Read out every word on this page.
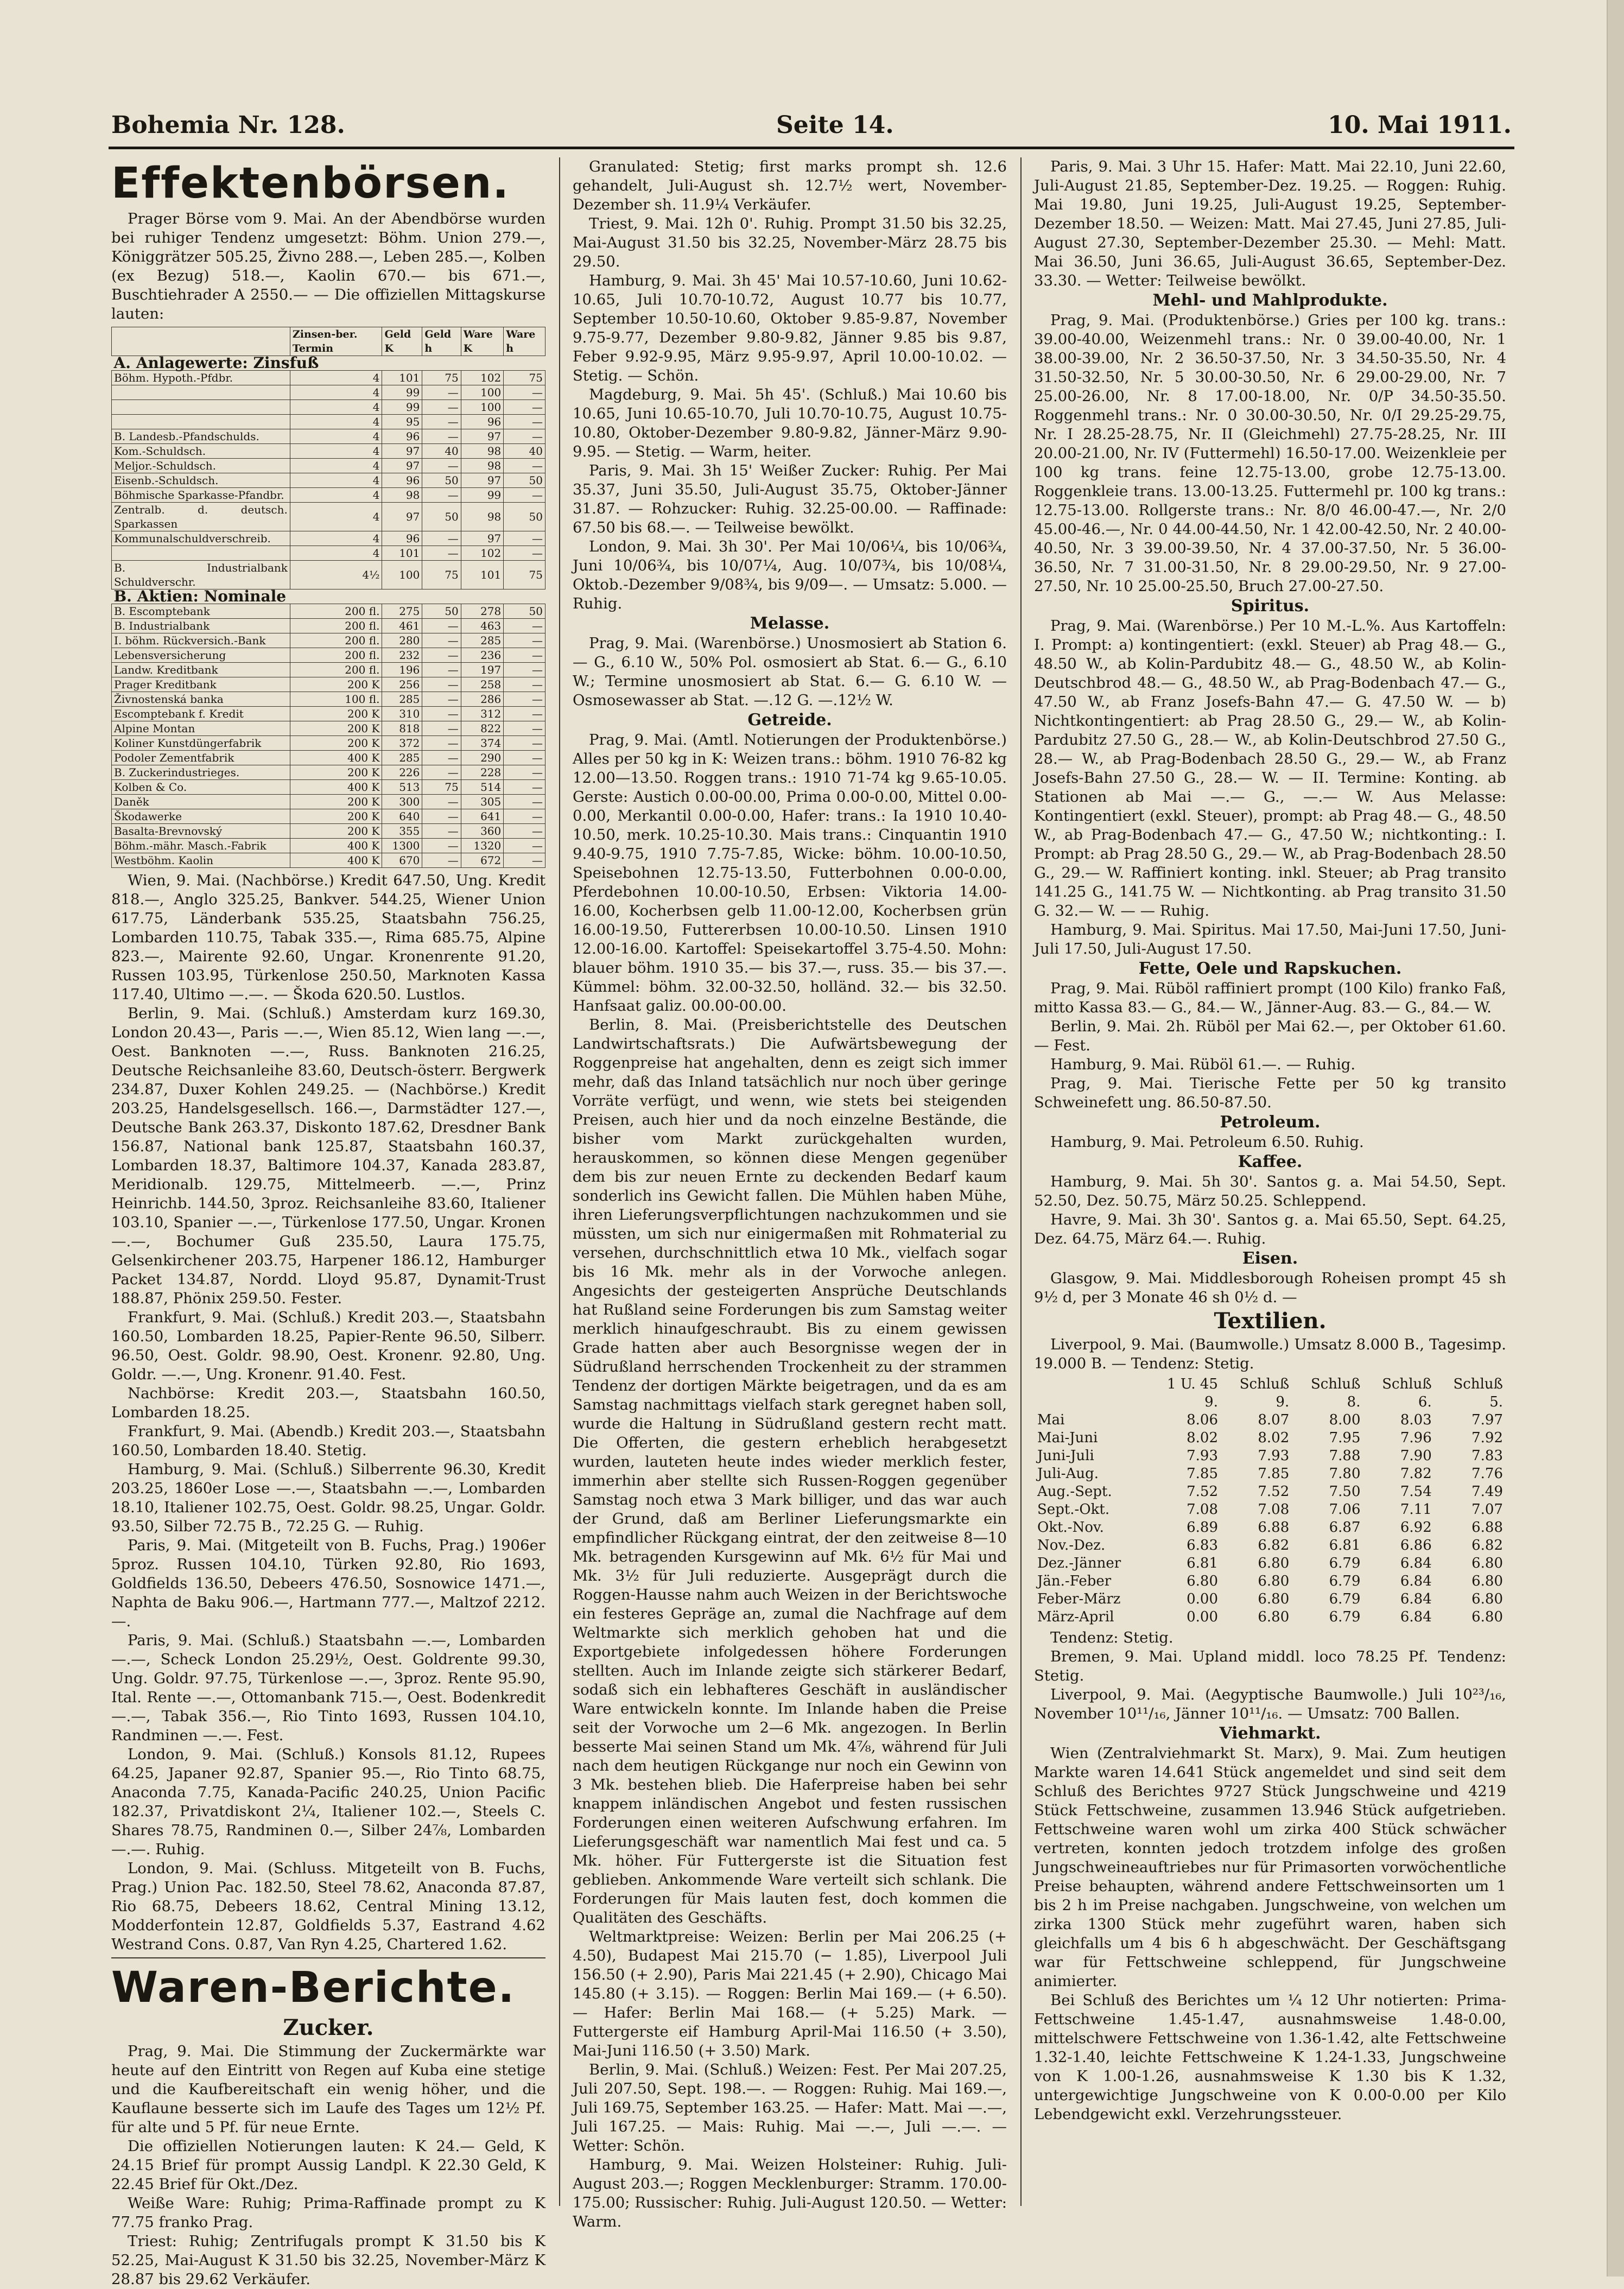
Bohemia Nr. 128.	Seite 14.	10. Mai 1911.
Effektenbörsen.

Prager Börse vom 9. Mai. An der Abendbörse wurden bei ruhiger Tendenz umgesetzt: Böhm. Union 279.—, Königgrätzer 505.25, Živno 288.—, Leben 285.—, Kolben (ex Bezug) 518.—, Kaolin 670.— bis 671.—, Buschtiehrader A 2550.— — Die offiziellen Mittagskurse lauten:

	Zinsen-ber. Termin	Geld K	Geld h	Ware K	Ware h
A. Anlagewerte: Zinsfuß					
Böhm. Hypoth.-Pfdbr.	4	101	75	102	75
	4	99	—	100	—
	4	99	—	100	—
	4	95	—	96	—
B. Landesb.-Pfandschulds.	4	96	—	97	—
Kom.-Schuldsch.	4	97	40	98	40
Meljor.-Schuldsch.	4	97	—	98	—
Eisenb.-Schuldsch.	4	96	50	97	50
Böhmische Sparkasse-Pfandbr.	4	98	—	99	—
Zentralb. d. deutsch. Sparkassen	4	97	50	98	50
Kommunalschuldverschreib.	4	96	—	97	—
	4	101	—	102	—
B. Industrialbank Schuldverschr.	4½	100	75	101	75
B. Aktien: Nominale					
B. Escomptebank	200 fl.	275	50	278	50
B. Industrialbank	200 fl.	461	—	463	—
I. böhm. Rückversich.-Bank	200 fl.	280	—	285	—
Lebensversicherung	200 fl.	232	—	236	—
Landw. Kreditbank	200 fl.	196	—	197	—
Prager Kreditbank	200 K	256	—	258	—
Živnostenská banka	100 fl.	285	—	286	—
Escomptebank f. Kredit	200 K	310	—	312	—
Alpine Montan	200 K	818	—	822	—
Koliner Kunstdüngerfabrik	200 K	372	—	374	—
Podoler Zementfabrik	400 K	285	—	290	—
B. Zuckerindustrieges.	200 K	226	—	228	—
Kolben & Co.	400 K	513	75	514	—
Daněk	200 K	300	—	305	—
Škodawerke	200 K	640	—	641	—
Basalta-Brevnovský	200 K	355	—	360	—
Böhm.-mähr. Masch.-Fabrik	400 K	1300	—	1320	—
Westböhm. Kaolin	400 K	670	—	672	—

Wien, 9. Mai. (Nachbörse.) Kredit 647.50, Ung. Kredit 818.—, Anglo 325.25, Bankver. 544.25, Wiener Union 617.75, Länderbank 535.25, Staatsbahn 756.25, Lombarden 110.75, Tabak 335.—, Rima 685.75, Alpine 823.—, Mairente 92.60, Ungar. Kronenrente 91.20, Russen 103.95, Türkenlose 250.50, Marknoten Kassa 117.40, Ultimo —.—. — Škoda 620.50. Lustlos.

Berlin, 9. Mai. (Schluß.) Amsterdam kurz 169.30, London 20.43—, Paris —.—, Wien 85.12, Wien lang —.—, Oest. Banknoten —.—, Russ. Banknoten 216.25, Deutsche Reichsanleihe 83.60, Deutsch-österr. Bergwerk 234.87, Duxer Kohlen 249.25. — (Nachbörse.) Kredit 203.25, Handelsgesellsch. 166.—, Darmstädter 127.—, Deutsche Bank 263.37, Diskonto 187.62, Dresdner Bank 156.87, National bank 125.87, Staatsbahn 160.37, Lombarden 18.37, Baltimore 104.37, Kanada 283.87, Meridionalb. 129.75, Mittelmeerb. —.—, Prinz Heinrichb. 144.50, 3proz. Reichsanleihe 83.60, Italiener 103.10, Spanier —.—, Türkenlose 177.50, Ungar. Kronen —.—, Bochumer Guß 235.50, Laura 175.75, Gelsenkirchener 203.75, Harpener 186.12, Hamburger Packet 134.87, Nordd. Lloyd 95.87, Dynamit-Trust 188.87, Phönix 259.50. Fester.

Frankfurt, 9. Mai. (Schluß.) Kredit 203.—, Staatsbahn 160.50, Lombarden 18.25, Papier-Rente 96.50, Silberr. 96.50, Oest. Goldr. 98.90, Oest. Kronenr. 92.80, Ung. Goldr. —.—, Ung. Kronenr. 91.40. Fest.

Nachbörse: Kredit 203.—, Staatsbahn 160.50, Lombarden 18.25.

Frankfurt, 9. Mai. (Abendb.) Kredit 203.—, Staatsbahn 160.50, Lombarden 18.40. Stetig.

Hamburg, 9. Mai. (Schluß.) Silberrente 96.30, Kredit 203.25, 1860er Lose —.—, Staatsbahn —.—, Lombarden 18.10, Italiener 102.75, Oest. Goldr. 98.25, Ungar. Goldr. 93.50, Silber 72.75 B., 72.25 G. — Ruhig.

Paris, 9. Mai. (Mitgeteilt von B. Fuchs, Prag.) 1906er 5proz. Russen 104.10, Türken 92.80, Rio 1693, Goldfields 136.50, Debeers 476.50, Sosnowice 1471.—, Naphta de Baku 906.—, Hartmann 777.—, Maltzof 2212.—.

Paris, 9. Mai. (Schluß.) Staatsbahn —.—, Lombarden —.—, Scheck London 25.29½, Oest. Goldrente 99.30, Ung. Goldr. 97.75, Türkenlose —.—, 3proz. Rente 95.90, Ital. Rente —.—, Ottomanbank 715.—, Oest. Bodenkredit —.—, Tabak 356.—, Rio Tinto 1693, Russen 104.10, Randminen —.—. Fest.

London, 9. Mai. (Schluß.) Konsols 81.12, Rupees 64.25, Japaner 92.87, Spanier 95.—, Rio Tinto 68.75, Anaconda 7.75, Kanada-Pacific 240.25, Union Pacific 182.37, Privatdiskont 2¼, Italiener 102.—, Steels C. Shares 78.75, Randminen 0.—, Silber 24⅞, Lombarden —.—. Ruhig.

London, 9. Mai. (Schluss. Mitgeteilt von B. Fuchs, Prag.) Union Pac. 182.50, Steel 78.62, Anaconda 87.87, Rio 68.75, Debeers 18.62, Central Mining 13.12, Modderfontein 12.87, Goldfields 5.37, Eastrand 4.62 Westrand Cons. 0.87, Van Ryn 4.25, Chartered 1.62.

Waren-Berichte.
Zucker.

Prag, 9. Mai. Die Stimmung der Zuckermärkte war heute auf den Eintritt von Regen auf Kuba eine stetige und die Kaufbereitschaft ein wenig höher, und die Kauflaune besserte sich im Laufe des Tages um 12½ Pf. für alte und 5 Pf. für neue Ernte.

Die offiziellen Notierungen lauten: K 24.— Geld, K 24.15 Brief für prompt Aussig Landpl. K 22.30 Geld, K 22.45 Brief für Okt./Dez.

Weiße Ware: Ruhig; Prima-Raffinade prompt zu K 77.75 franko Prag.

Triest: Ruhig; Zentrifugals prompt K 31.50 bis K 52.25, Mai-August K 31.50 bis 32.25, November-März K 28.87 bis 29.62 Verkäufer.

Granulated: Stetig; first marks prompt sh. 12.6 gehandelt, Juli-August sh. 12.7½ wert, November-Dezember sh. 11.9¼ Verkäufer.

Triest, 9. Mai. 12h 0'. Ruhig. Prompt 31.50 bis 32.25, Mai-August 31.50 bis 32.25, November-März 28.75 bis 29.50.

Hamburg, 9. Mai. 3h 45' Mai 10.57-10.60, Juni 10.62-10.65, Juli 10.70-10.72, August 10.77 bis 10.77, September 10.50-10.60, Oktober 9.85-9.87, November 9.75-9.77, Dezember 9.80-9.82, Jänner 9.85 bis 9.87, Feber 9.92-9.95, März 9.95-9.97, April 10.00-10.02. — Stetig. — Schön.

Magdeburg, 9. Mai. 5h 45'. (Schluß.) Mai 10.60 bis 10.65, Juni 10.65-10.70, Juli 10.70-10.75, August 10.75-10.80, Oktober-Dezember 9.80-9.82, Jänner-März 9.90-9.95. — Stetig. — Warm, heiter.

Paris, 9. Mai. 3h 15' Weißer Zucker: Ruhig. Per Mai 35.37, Juni 35.50, Juli-August 35.75, Oktober-Jänner 31.87. — Rohzucker: Ruhig. 32.25-00.00. — Raffinade: 67.50 bis 68.—. — Teilweise bewölkt.

London, 9. Mai. 3h 30'. Per Mai 10/06¼, bis 10/06¾, Juni 10/06¾, bis 10/07¼, Aug. 10/07¾, bis 10/08¼, Oktob.-Dezember 9/08¾, bis 9/09—. — Umsatz: 5.000. — Ruhig.

Melasse.

Prag, 9. Mai. (Warenbörse.) Unosmosiert ab Station 6.— G., 6.10 W., 50% Pol. osmosiert ab Stat. 6.— G., 6.10 W.; Termine unosmosiert ab Stat. 6.— G. 6.10 W. — Osmosewasser ab Stat. —.12 G. —.12½ W.

Getreide.

Prag, 9. Mai. (Amtl. Notierungen der Produktenbörse.) Alles per 50 kg in K: Weizen trans.: böhm. 1910 76-82 kg 12.00—13.50. Roggen trans.: 1910 71-74 kg 9.65-10.05. Gerste: Austich 0.00-00.00, Prima 0.00-0.00, Mittel 0.00-0.00, Merkantil 0.00-0.00, Hafer: trans.: Ia 1910 10.40-10.50, merk. 10.25-10.30. Mais trans.: Cinquantin 1910 9.40-9.75, 1910 7.75-7.85, Wicke: böhm. 10.00-10.50, Speisebohnen 12.75-13.50, Futterbohnen 0.00-0.00, Pferdebohnen 10.00-10.50, Erbsen: Viktoria 14.00-16.00, Kocherbsen gelb 11.00-12.00, Kocherbsen grün 16.00-19.50, Futtererbsen 10.00-10.50. Linsen 1910 12.00-16.00. Kartoffel: Speisekartoffel 3.75-4.50. Mohn: blauer böhm. 1910 35.— bis 37.—, russ. 35.— bis 37.—. Kümmel: böhm. 32.00-32.50, holländ. 32.— bis 32.50. Hanfsaat galiz. 00.00-00.00.

Berlin, 8. Mai. (Preisberichtstelle des Deutschen Landwirtschaftsrats.) Die Aufwärtsbewegung der Roggenpreise hat angehalten, denn es zeigt sich immer mehr, daß das Inland tatsächlich nur noch über geringe Vorräte verfügt, und wenn, wie stets bei steigenden Preisen, auch hier und da noch einzelne Bestände, die bisher vom Markt zurückgehalten wurden, herauskommen, so können diese Mengen gegenüber dem bis zur neuen Ernte zu deckenden Bedarf kaum sonderlich ins Gewicht fallen. Die Mühlen haben Mühe, ihren Lieferungsverpflichtungen nachzukommen und sie müssten, um sich nur einigermaßen mit Rohmaterial zu versehen, durchschnittlich etwa 10 Mk., vielfach sogar bis 16 Mk. mehr als in der Vorwoche anlegen. Angesichts der gesteigerten Ansprüche Deutschlands hat Rußland seine Forderungen bis zum Samstag weiter merklich hinaufgeschraubt. Bis zu einem gewissen Grade hatten aber auch Besorgnisse wegen der in Südrußland herrschenden Trockenheit zu der strammen Tendenz der dortigen Märkte beigetragen, und da es am Samstag nachmittags vielfach stark geregnet haben soll, wurde die Haltung in Südrußland gestern recht matt. Die Offerten, die gestern erheblich herabgesetzt wurden, lauteten heute indes wieder merklich fester, immerhin aber stellte sich Russen-Roggen gegenüber Samstag noch etwa 3 Mark billiger, und das war auch der Grund, daß am Berliner Lieferungsmarkte ein empfindlicher Rückgang eintrat, der den zeitweise 8—10 Mk. betragenden Kursgewinn auf Mk. 6½ für Mai und Mk. 3½ für Juli reduzierte. Ausgeprägt durch die Roggen-Hausse nahm auch Weizen in der Berichtswoche ein festeres Gepräge an, zumal die Nachfrage auf dem Weltmarkte sich merklich gehoben hat und die Exportgebiete infolgedessen höhere Forderungen stellten. Auch im Inlande zeigte sich stärkerer Bedarf, sodaß sich ein lebhafteres Geschäft in ausländischer Ware entwickeln konnte. Im Inlande haben die Preise seit der Vorwoche um 2—6 Mk. angezogen. In Berlin besserte Mai seinen Stand um Mk. 4⅞, während für Juli nach dem heutigen Rückgange nur noch ein Gewinn von 3 Mk. bestehen blieb. Die Haferpreise haben bei sehr knappem inländischen Angebot und festen russischen Forderungen einen weiteren Aufschwung erfahren. Im Lieferungsgeschäft war namentlich Mai fest und ca. 5 Mk. höher. Für Futtergerste ist die Situation fest geblieben. Ankommende Ware verteilt sich schlank. Die Forderungen für Mais lauten fest, doch kommen die Qualitäten des Geschäfts.

Weltmarktpreise: Weizen: Berlin per Mai 206.25 (+ 4.50), Budapest Mai 215.70 (− 1.85), Liverpool Juli 156.50 (+ 2.90), Paris Mai 221.45 (+ 2.90), Chicago Mai 145.80 (+ 3.15). — Roggen: Berlin Mai 169.— (+ 6.50). — Hafer: Berlin Mai 168.— (+ 5.25) Mark. — Futtergerste eif Hamburg April-Mai 116.50 (+ 3.50), Mai-Juni 116.50 (+ 3.50) Mark.

Berlin, 9. Mai. (Schluß.) Weizen: Fest. Per Mai 207.25, Juli 207.50, Sept. 198.—. — Roggen: Ruhig. Mai 169.—, Juli 169.75, September 163.25. — Hafer: Matt. Mai —.—, Juli 167.25. — Mais: Ruhig. Mai —.—, Juli —.—. — Wetter: Schön.

Hamburg, 9. Mai. Weizen Holsteiner: Ruhig. Juli-August 203.—; Roggen Mecklenburger: Stramm. 170.00-175.00; Russischer: Ruhig. Juli-August 120.50. — Wetter: Warm.

Paris, 9. Mai. 3 Uhr 15. Hafer: Matt. Mai 22.10, Juni 22.60, Juli-August 21.85, September-Dez. 19.25. — Roggen: Ruhig. Mai 19.80, Juni 19.25, Juli-August 19.25, September-Dezember 18.50. — Weizen: Matt. Mai 27.45, Juni 27.85, Juli-August 27.30, September-Dezember 25.30. — Mehl: Matt. Mai 36.50, Juni 36.65, Juli-August 36.65, September-Dez. 33.30. — Wetter: Teilweise bewölkt.

Mehl- und Mahlprodukte.

Prag, 9. Mai. (Produktenbörse.) Gries per 100 kg. trans.: 39.00-40.00, Weizenmehl trans.: Nr. 0 39.00-40.00, Nr. 1 38.00-39.00, Nr. 2 36.50-37.50, Nr. 3 34.50-35.50, Nr. 4 31.50-32.50, Nr. 5 30.00-30.50, Nr. 6 29.00-29.00, Nr. 7 25.00-26.00, Nr. 8 17.00-18.00, Nr. 0/P 34.50-35.50. Roggenmehl trans.: Nr. 0 30.00-30.50, Nr. 0/I 29.25-29.75, Nr. I 28.25-28.75, Nr. II (Gleichmehl) 27.75-28.25, Nr. III 20.00-21.00, Nr. IV (Futtermehl) 16.50-17.00. Weizenkleie per 100 kg trans. feine 12.75-13.00, grobe 12.75-13.00. Roggenkleie trans. 13.00-13.25. Futtermehl pr. 100 kg trans.: 12.75-13.00. Rollgerste trans.: Nr. 8/0 46.00-47.—, Nr. 2/0 45.00-46.—, Nr. 0 44.00-44.50, Nr. 1 42.00-42.50, Nr. 2 40.00-40.50, Nr. 3 39.00-39.50, Nr. 4 37.00-37.50, Nr. 5 36.00-36.50, Nr. 7 31.00-31.50, Nr. 8 29.00-29.50, Nr. 9 27.00-27.50, Nr. 10 25.00-25.50, Bruch 27.00-27.50.

Spiritus.

Prag, 9. Mai. (Warenbörse.) Per 10 M.-L.%. Aus Kartoffeln: I. Prompt: a) kontingentiert: (exkl. Steuer) ab Prag 48.— G., 48.50 W., ab Kolin-Pardubitz 48.— G., 48.50 W., ab Kolin-Deutschbrod 48.— G., 48.50 W., ab Prag-Bodenbach 47.— G., 47.50 W., ab Franz Josefs-Bahn 47.— G. 47.50 W. — b) Nichtkontingentiert: ab Prag 28.50 G., 29.— W., ab Kolin-Pardubitz 27.50 G., 28.— W., ab Kolin-Deutschbrod 27.50 G., 28.— W., ab Prag-Bodenbach 28.50 G., 29.— W., ab Franz Josefs-Bahn 27.50 G., 28.— W. — II. Termine: Konting. ab Stationen ab Mai —.— G., —.— W. Aus Melasse: Kontingentiert (exkl. Steuer), prompt: ab Prag 48.— G., 48.50 W., ab Prag-Bodenbach 47.— G., 47.50 W.; nichtkonting.: I. Prompt: ab Prag 28.50 G., 29.— W., ab Prag-Bodenbach 28.50 G., 29.— W. Raffiniert konting. inkl. Steuer; ab Prag transito 141.25 G., 141.75 W. — Nichtkonting. ab Prag transito 31.50 G. 32.— W. — — Ruhig.

Hamburg, 9. Mai. Spiritus. Mai 17.50, Mai-Juni 17.50, Juni-Juli 17.50, Juli-August 17.50.

Fette, Oele und Rapskuchen.

Prag, 9. Mai. Rüböl raffiniert prompt (100 Kilo) franko Faß, mitto Kassa 83.— G., 84.— W., Jänner-Aug. 83.— G., 84.— W.

Berlin, 9. Mai. 2h. Rüböl per Mai 62.—, per Oktober 61.60. — Fest.

Hamburg, 9. Mai. Rüböl 61.—. — Ruhig.

Prag, 9. Mai. Tierische Fette per 50 kg transito Schweinefett ung. 86.50-87.50.

Petroleum.

Hamburg, 9. Mai. Petroleum 6.50. Ruhig.

Kaffee.

Hamburg, 9. Mai. 5h 30'. Santos g. a. Mai 54.50, Sept. 52.50, Dez. 50.75, März 50.25. Schleppend.

Havre, 9. Mai. 3h 30'. Santos g. a. Mai 65.50, Sept. 64.25, Dez. 64.75, März 64.—. Ruhig.

Eisen.

Glasgow, 9. Mai. Middlesborough Roheisen prompt 45 sh 9½ d, per 3 Monate 46 sh 0½ d. —

Textilien.

Liverpool, 9. Mai. (Baumwolle.) Umsatz 8.000 B., Tagesimp. 19.000 B. — Tendenz: Stetig.

	1 U. 45	Schluß	Schluß	Schluß	Schluß
	9.	9.	8.	6.	5.
Mai	8.06	8.07	8.00	8.03	7.97
Mai-Juni	8.02	8.02	7.95	7.96	7.92
Juni-Juli	7.93	7.93	7.88	7.90	7.83
Juli-Aug.	7.85	7.85	7.80	7.82	7.76
Aug.-Sept.	7.52	7.52	7.50	7.54	7.49
Sept.-Okt.	7.08	7.08	7.06	7.11	7.07
Okt.-Nov.	6.89	6.88	6.87	6.92	6.88
Nov.-Dez.	6.83	6.82	6.81	6.86	6.82
Dez.-Jänner	6.81	6.80	6.79	6.84	6.80
Jän.-Feber	6.80	6.80	6.79	6.84	6.80
Feber-März	0.00	6.80	6.79	6.84	6.80
März-April	0.00	6.80	6.79	6.84	6.80

Tendenz: Stetig.

Bremen, 9. Mai. Upland middl. loco 78.25 Pf. Tendenz: Stetig.

Liverpool, 9. Mai. (Aegyptische Baumwolle.) Juli 10²³/₁₆, November 10¹¹/₁₆, Jänner 10¹¹/₁₆. — Umsatz: 700 Ballen.

Viehmarkt.

Wien (Zentralviehmarkt St. Marx), 9. Mai. Zum heutigen Markte waren 14.641 Stück angemeldet und sind seit dem Schluß des Berichtes 9727 Stück Jungschweine und 4219 Stück Fettschweine, zusammen 13.946 Stück aufgetrieben. Fettschweine waren wohl um zirka 400 Stück schwächer vertreten, konnten jedoch trotzdem infolge des großen Jungschweineauftriebes nur für Primasorten vorwöchentliche Preise behaupten, während andere Fettschweinsorten um 1 bis 2 h im Preise nachgaben. Jungschweine, von welchen um zirka 1300 Stück mehr zugeführt waren, haben sich gleichfalls um 4 bis 6 h abgeschwächt. Der Geschäftsgang war für Fettschweine schleppend, für Jungschweine animierter.

Bei Schluß des Berichtes um ¼ 12 Uhr notierten: Prima-Fettschweine 1.45-1.47, ausnahmsweise 1.48-0.00, mittelschwere Fettschweine von 1.36-1.42, alte Fettschweine 1.32-1.40, leichte Fettschweine K 1.24-1.33, Jungschweine von K 1.00-1.26, ausnahmsweise K 1.30 bis K 1.32, untergewichtige Jungschweine von K 0.00-0.00 per Kilo Lebendgewicht exkl. Verzehrungssteuer.
